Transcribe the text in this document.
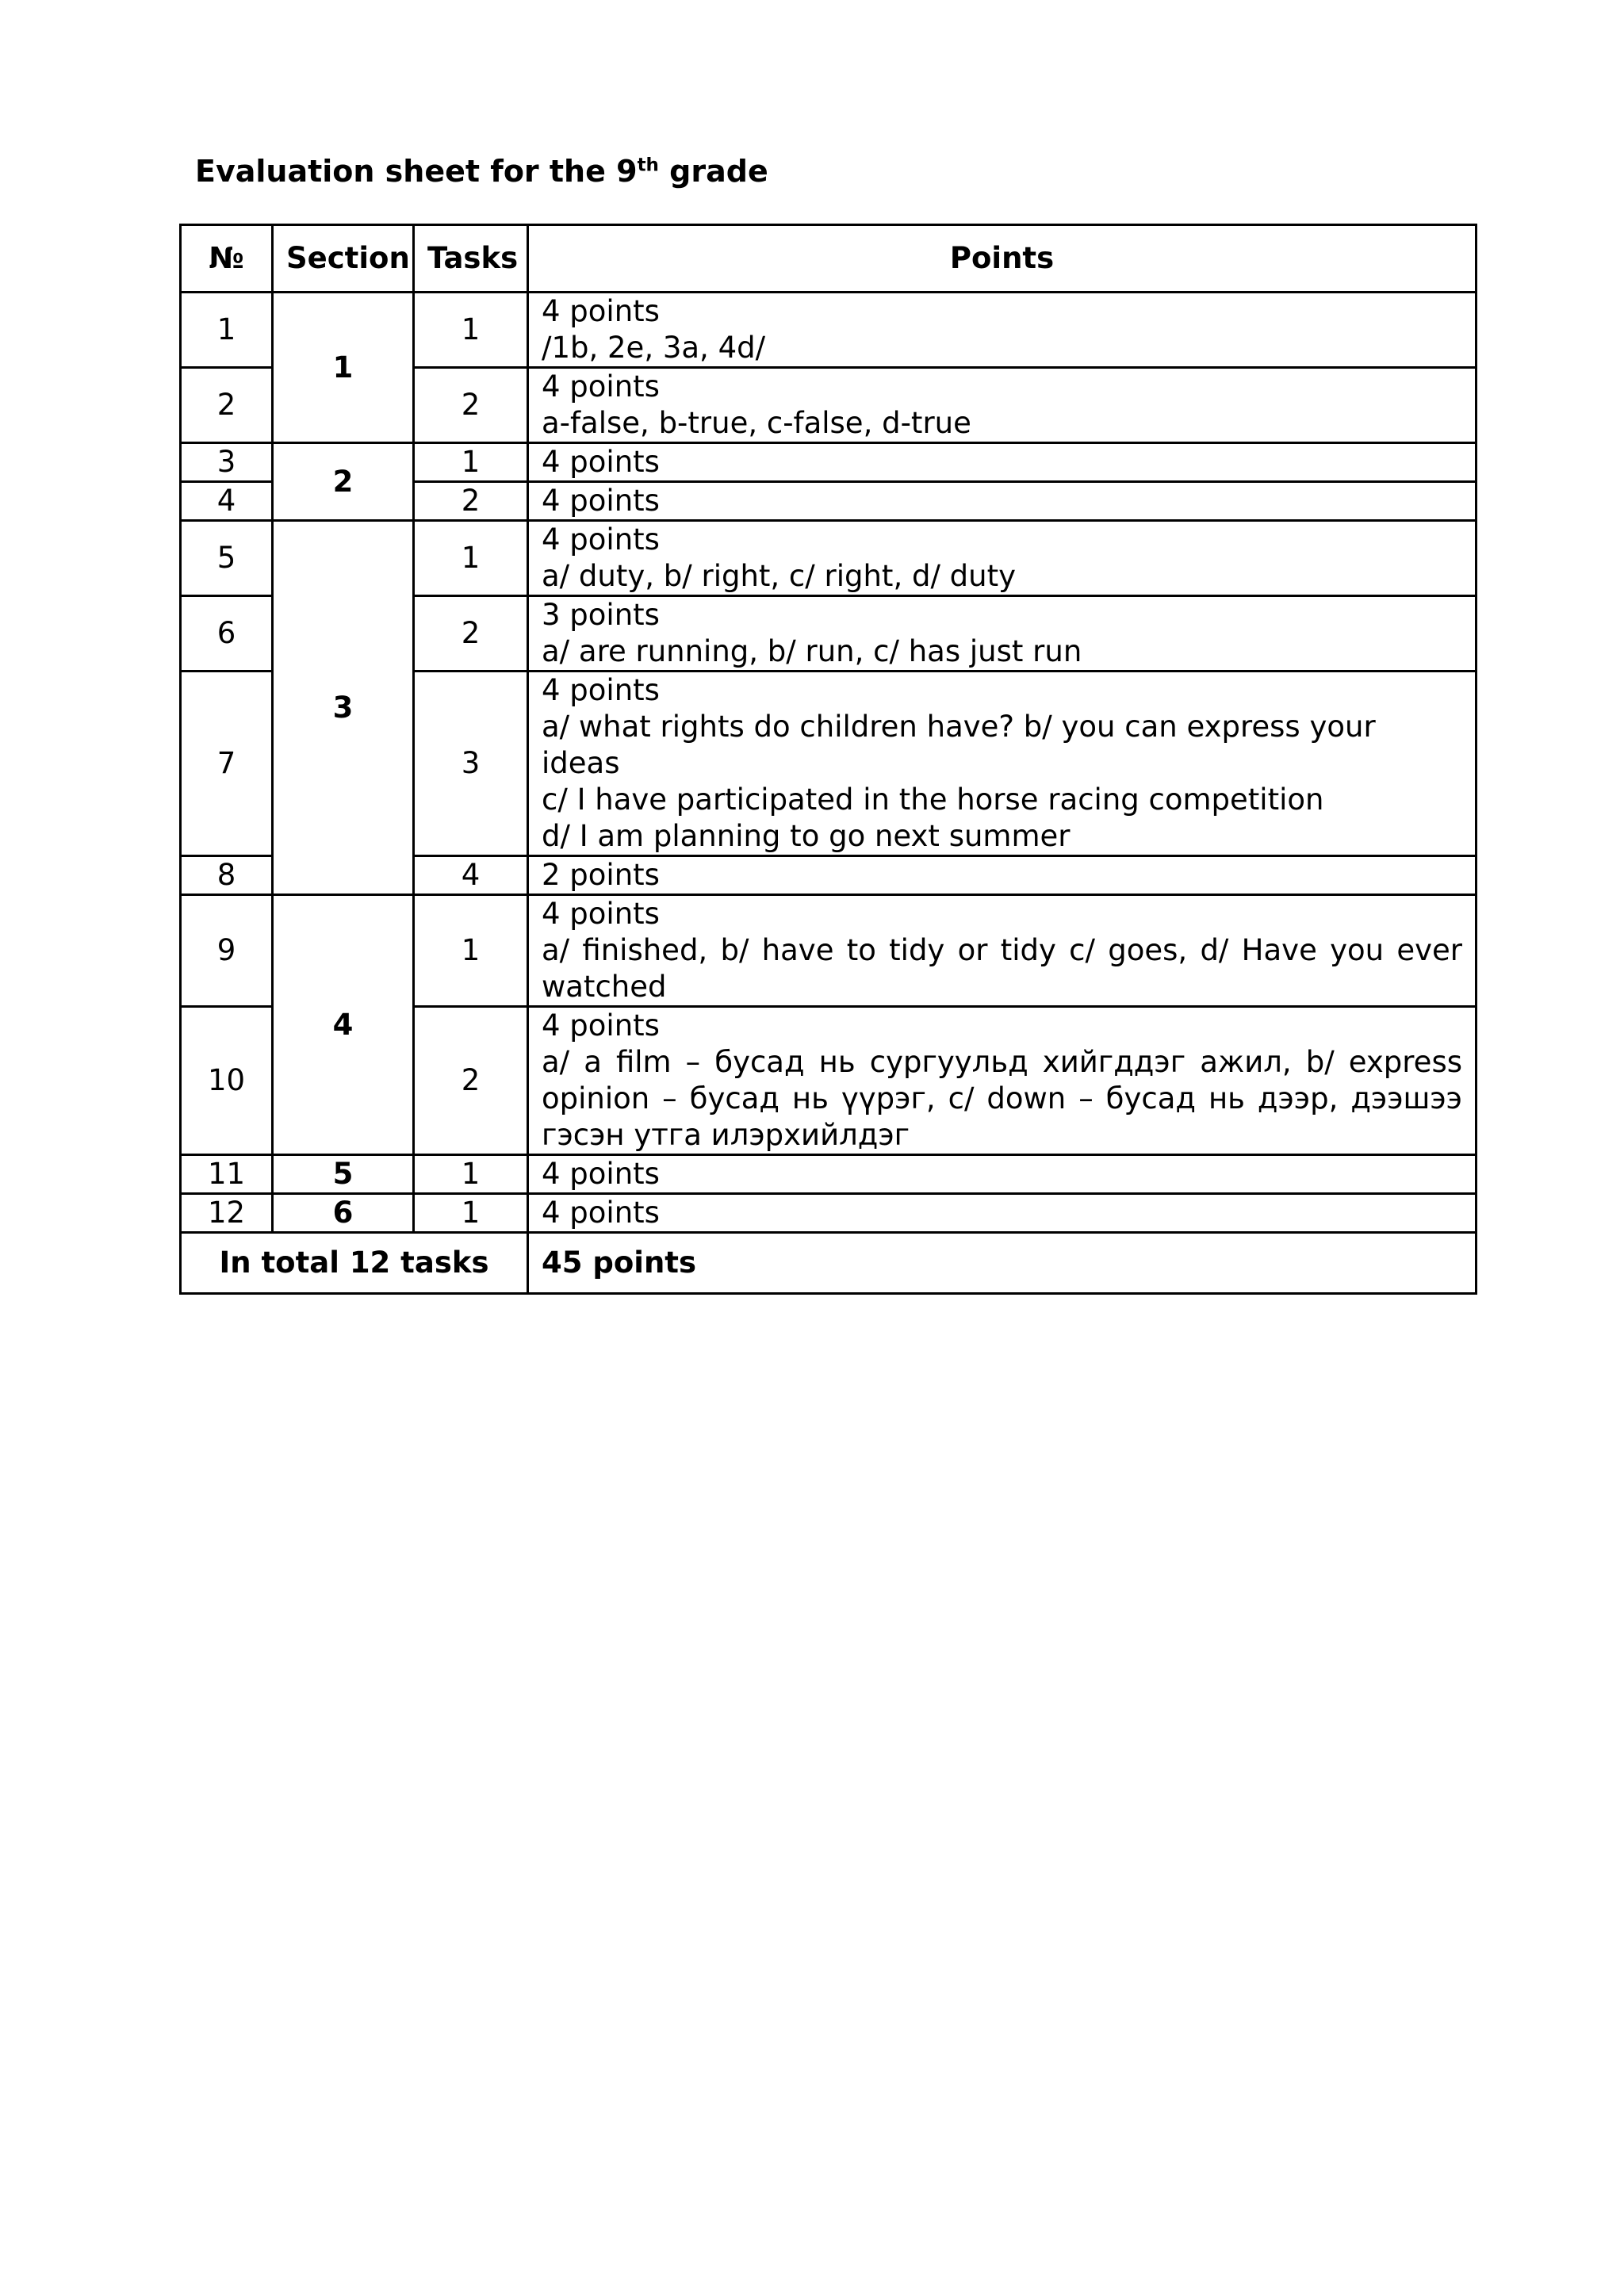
Evaluation sheet for the 9th grade
№	Section	Tasks	Points
1	1	1	4 points
/1b, 2e, 3a, 4d/

2		2	4 points
a-false, b-true, c-false, d-true

3	2	1	4 points

4		2	4 points

5	3	1	4 points
a/ duty, b/ right, c/ right, d/ duty

6		2	3 points
a/ are running, b/ run, c/ has just run

7		3	4 points
a/ what rights do children have? b/ you can express your ideas
c/ I have participated in the horse racing competition
d/ I am planning to go next summer

8		4	2 points

9	4	1	4 points
a/ finished, b/ have to tidy or tidy c/ goes, d/ Have you ever watched

10		2	4 points
a/ a film – бусад нь сургуульд хийгддэг ажил, b/ express opinion – бусад нь үүрэг, c/ down – бусад нь дээр, дээшээ гэсэн утга илэрхийлдэг

11	5	1	4 points

12	6	1	4 points

In total 12 tasks			45 points
